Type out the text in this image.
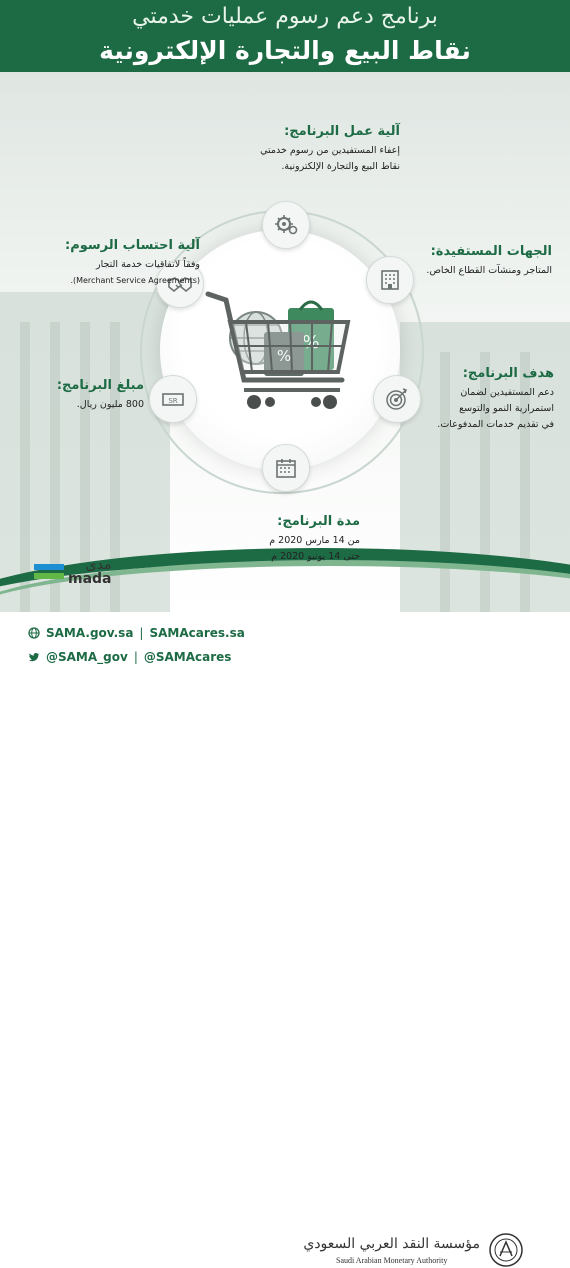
برنامج دعم رسوم عمليات خدمتي
نقاط البيع والتجارة الإلكترونية
SR
آلية عمل البرنامج:
إعفاء المستفيدين من رسوم خدمتي
نقاط البيع والتجارة الإلكترونية.
آلية احتساب الرسوم:
وفقاً لاتفاقيات خدمة التجار
(Merchant Service Agreements).
الجهات المستفيدة:
المتاجر ومنشآت القطاع الخاص.
هدف البرنامج:
دعم المستفيدين لضمان
استمرارية النمو والتوسع
في تقديم خدمات المدفوعات.
مبلغ البرنامج:
800 مليون ريال.
مدة البرنامج:
من 14 مارس 2020 م
حتى 14 يونيو 2020 م
مدى
mada
SAMA.gov.sa | SAMAcares.sa
@SAMA_gov | @SAMAcares
مؤسسة النقد العربي السعودي
Saudi Arabian Monetary Authority
